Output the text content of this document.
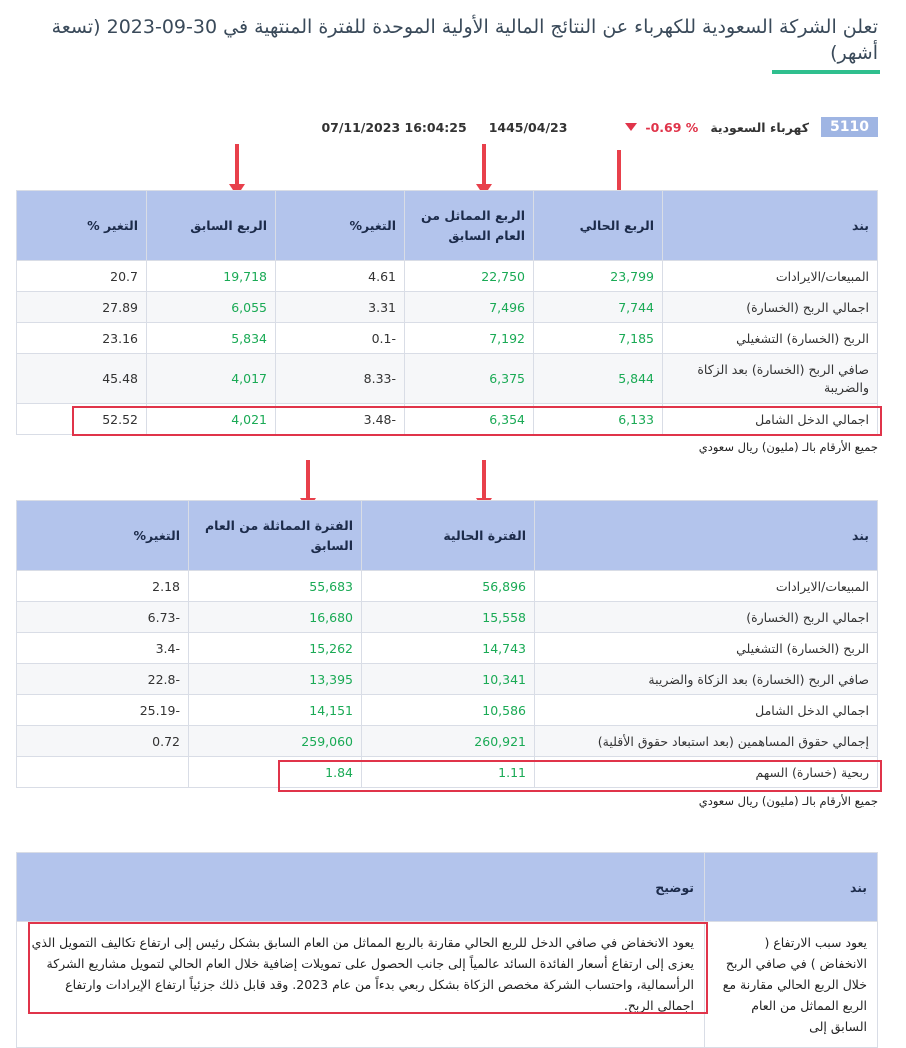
تعلن الشركة السعودية للكهرباء عن النتائج المالية الأولية الموحدة للفترة المنتهية في 30-09-2023 (تسعة أشهر)
5110
كهرباء السعودية
-0.69 %
1445/04/23
07/11/2023 16:04:25
بند	الربع الحالي	الربع المماثل من العام السابق	التغير%	الربع السابق	التغير %
المبيعات/الايرادات	23,799	22,750	4.61	19,718	20.7
اجمالي الربح (الخسارة)	7,744	7,496	3.31	6,055	27.89
الربح (الخسارة) التشغيلي	7,185	7,192	-0.1	5,834	23.16
صافي الربح (الخسارة) بعد الزكاة والضريبة	5,844	6,375	-8.33	4,017	45.48
اجمالي الدخل الشامل	6,133	6,354	-3.48	4,021	52.52
جميع الأرقام بالـ (مليون) ريال سعودي
بند	الفترة الحالية	الفترة المماثلة من العام السابق	التغير%
المبيعات/الايرادات	56,896	55,683	2.18
اجمالي الربح (الخسارة)	15,558	16,680	-6.73
الربح (الخسارة) التشغيلي	14,743	15,262	-3.4
صافي الربح (الخسارة) بعد الزكاة والضريبة	10,341	13,395	-22.8
اجمالي الدخل الشامل	10,586	14,151	-25.19
إجمالي حقوق المساهمين (بعد استبعاد حقوق الأقلية)	260,921	259,060	0.72
ربحية (خسارة) السهم	1.11	1.84	
جميع الأرقام بالـ (مليون) ريال سعودي
بند	توضيح
يعود سبب الارتفاع ( الانخفاض ) في صافي الربح خلال الربع الحالي مقارنة مع الربع المماثل من العام السابق إلى	يعود الانخفاض في صافي الدخل للربع الحالي مقارنة بالربع المماثل من العام السابق بشكل رئيس إلى ارتفاع تكاليف التمويل الذي يعزى إلى ارتفاع أسعار الفائدة السائد عالمياً إلى جانب الحصول على تمويلات إضافية خلال العام الحالي لتمويل مشاريع الشركة الرأسمالية، واحتساب الشركة مخصص الزكاة بشكل ربعي بدءاً من عام 2023. وقد قابل ذلك جزئياً ارتفاع الإيرادات وارتفاع اجمالي الربح.
